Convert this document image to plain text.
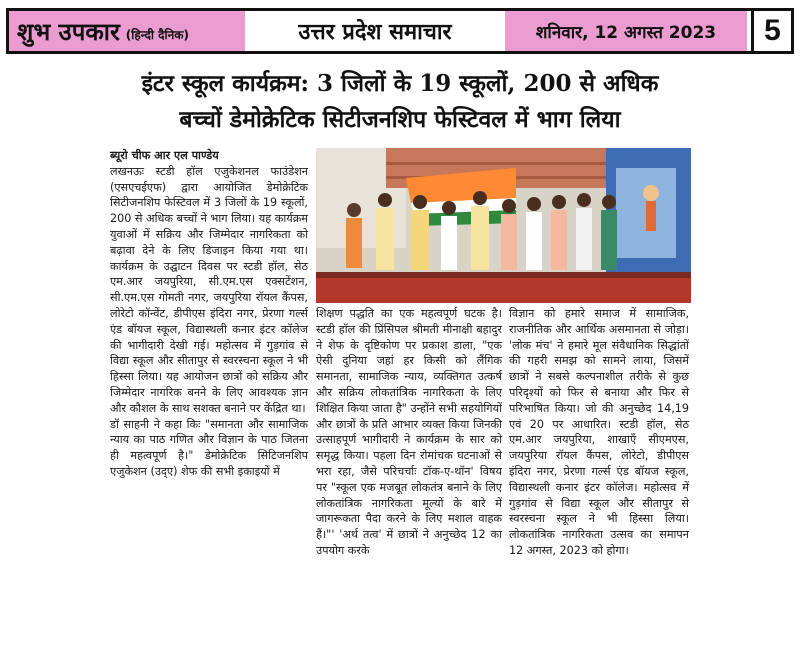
शुभ उपकार (हिन्दी दैनिक)	उत्तर प्रदेश समाचार	शनिवार, 12 अगस्त 2023 5
इंटर स्कूल कार्यक्रम: 3 जिलों के 19 स्कूलों, 200 से अधिक
बच्चों डेमोक्रेटिक सिटीजनशिप फेस्टिवल में भाग लिया

ब्यूरो चीफ आर एल पाण्डेय

लखनऊः स्टडी हॉल एजुकेशनल फाउंडेशन (एसएचईएफ) द्वारा आयोजित डेमोक्रेटिक सिटीजनशिप फेस्टिवल में 3 जिलों के 19 स्कूलों, 200 से अधिक बच्चों ने भाग लिया। यह कार्यक्रम युवाओं में सक्रिय और जिम्मेदार नागरिकता को बढ़ावा देने के लिए डिजाइन किया गया था। कार्यक्रम के उद्घाटन दिवस पर स्टडी हॉल, सेठ एम.आर जयपुरिया, सी.एम.एस एक्सटेंशन, सी.एम.एस गोमती नगर, जयपुरिया रॉयल कैंपस, लोरेटो कॉन्वेंट, डीपीएस इंदिरा नगर, प्रेरणा गर्ल्स एंड बॉयज स्कूल, विद्यास्थली कनार इंटर कॉलेज की भागीदारी देखी गई। महोत्सव में गुड़गांव से विद्या स्कूल और सीतापुर से स्वरस्चना स्कूल ने भी हिस्सा लिया। यह आयोजन छात्रों को सक्रिय और जिम्मेदार नागरिक बनने के लिए आवश्यक ज्ञान और कौशल के साथ सशक्त बनाने पर केंद्रित था।

डॉ साहनी ने कहा किः "समानता और सामाजिक न्याय का पाठ गणित और विज्ञान के पाठ जितना ही महत्वपूर्ण है।" डेमोक्रेटिक सिटिजनशिप एजुकेशन (उद्ए) शेफ की सभी इकाइयों में

शिक्षण पद्धति का एक महत्वपूर्ण घटक है। स्टडी हॉल की प्रिंसिपल श्रीमती मीनाक्षी बहादुर ने शेफ के दृष्टिकोण पर प्रकाश डाला, "एक ऐसी दुनिया जहां हर किसी को लैंगिक समानता, सामाजिक न्याय, व्यक्तिगत उत्कर्ष और सक्रिय लोकतांत्रिक नागरिकता के लिए शिक्षित किया जाता है" उन्होंने सभी सहयोगियों और छात्रों के प्रति आभार व्यक्त किया जिनकी उत्साहपूर्ण भागीदारी ने कार्यक्रम के सार को समृद्ध किया। पहला दिन रोमांचक घटनाओं से भरा रहा, जैसे परिचर्चाः टॉक-ए-थॉन' विषय पर "स्कूल एक मजबूत लोकतंत्र बनाने के लिए लोकतांत्रिक नागरिकता मूल्यों के बारे में जागरूकता पैदा करने के लिए मशाल वाहक हैं।"' 'अर्थ तत्व' में छात्रों ने अनुच्छेद 12 का उपयोग करके

विज्ञान को हमारे समाज में सामाजिक, राजनीतिक और आर्थिक असमानता से जोड़ा। 'लोक मंच' ने हमारे मूल संवैधानिक सिद्धांतों की गहरी समझ को सामने लाया, जिसमें छात्रों ने सबसे कल्पनाशील तरीके से कुछ परिदृश्यों को फिर से बनाया और फिर से परिभाषित किया। जो की अनुच्छेद 14,19 एवं 20 पर आधारित। स्टडी हॉल, सेठ एम.आर जयपुरिया, शाखाएँ सीएमएस, जयपुरिया रॉयल कैंपस, लोरेटो, डीपीएस इंदिरा नगर, प्रेरणा गर्ल्स एंड बॉयज स्कूल, विद्यास्थली कनार इंटर कॉलेज। महोत्सव में गुड़गांव से विद्या स्कूल और सीतापुर से स्वरस्चना स्कूल ने भी हिस्सा लिया। लोकतांत्रिक नागरिकता उत्सव का समापन 12 अगस्त, 2023 को होगा।
